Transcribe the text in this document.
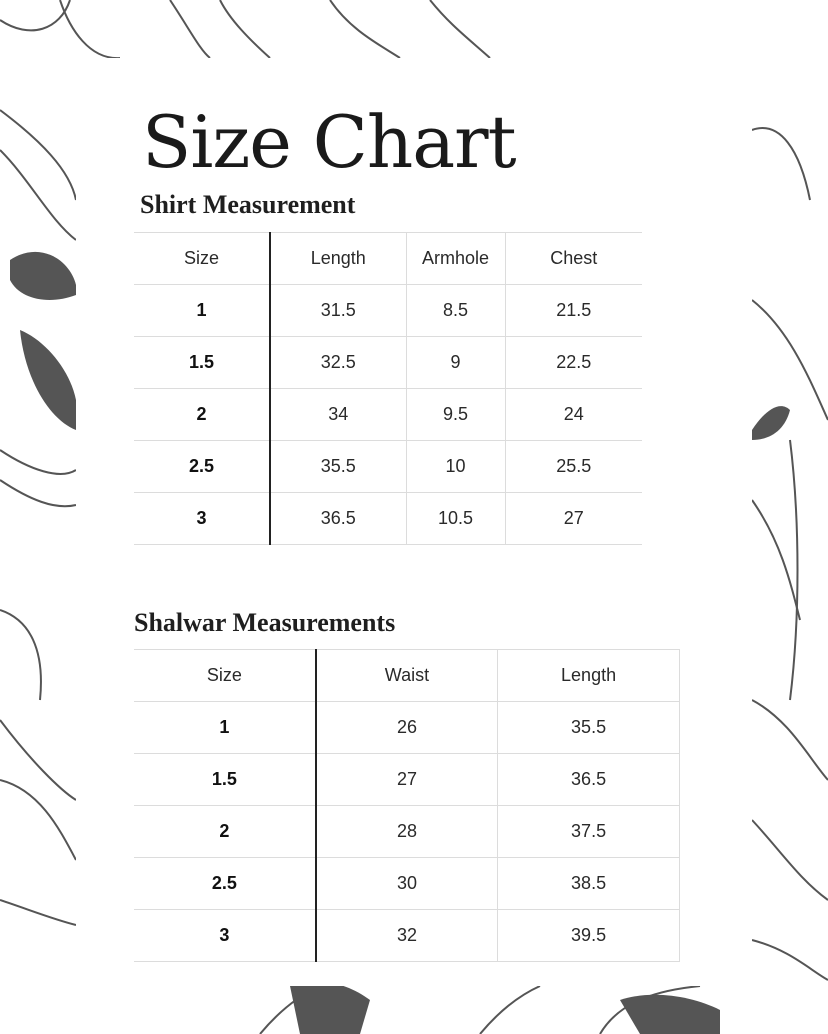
Size Chart
Shirt Measurement
Size	Length	Armhole	Chest
1	31.5	8.5	21.5
1.5	32.5	9	22.5
2	34	9.5	24
2.5	35.5	10	25.5
3	36.5	10.5	27
Shalwar Measurements
Size	Waist	Length
1	26	35.5
1.5	27	36.5
2	28	37.5
2.5	30	38.5
3	32	39.5
